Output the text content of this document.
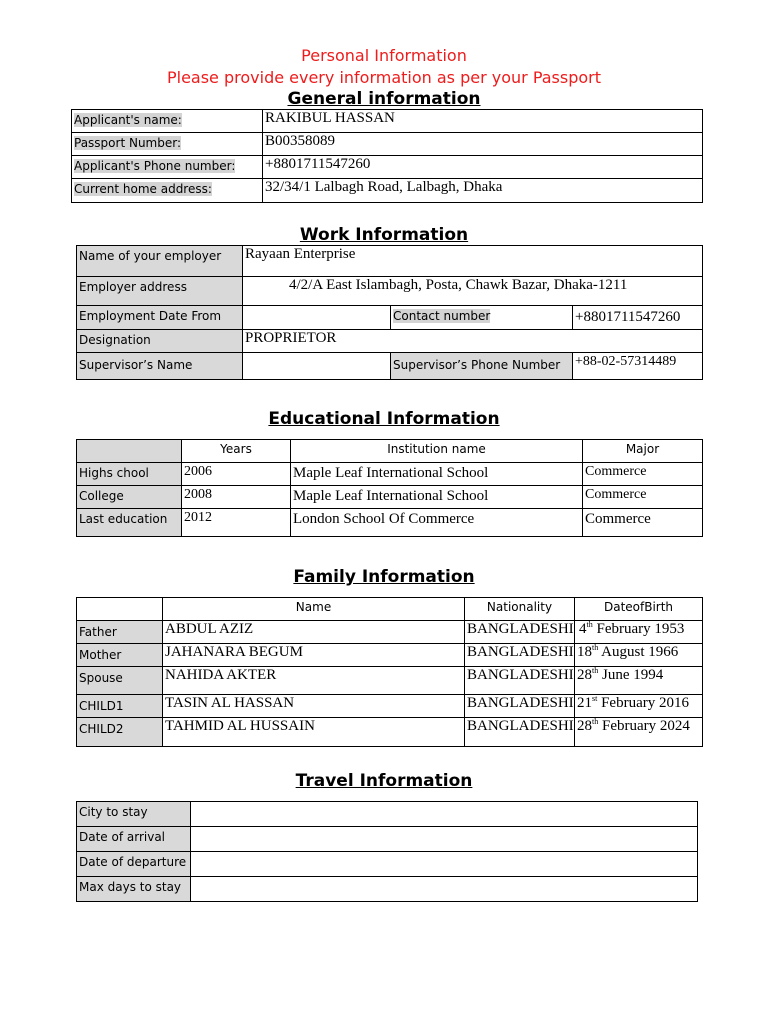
Personal Information
Please provide every information as per your Passport
General information
Applicant's name:	RAKIBUL HASSAN
Passport Number:	B00358089
Applicant's Phone number:	+8801711547260
Current home address:	32/34/1 Lalbagh Road, Lalbagh, Dhaka
Work Information
Name of your employer	Rayaan Enterprise		
Employer address	4/2/A East Islambagh, Posta, Chawk Bazar, Dhaka-1211		
Employment Date From		Contact number	+8801711547260
Designation	PROPRIETOR		
Supervisor’s Name		Supervisor’s Phone Number	+88-02-57314489
Educational Information
	Years	Institution name	Major
Highs chool	2006	Maple Leaf International School	Commerce
College	2008	Maple Leaf International School	Commerce
Last education	2012	London School Of Commerce	Commerce
Family Information
	Name	Nationality	DateofBirth
Father	ABDUL AZIZ	BANGLADESHI	4th February 1953
Mother	JAHANARA BEGUM	BANGLADESHI	18th August 1966
Spouse	NAHIDA AKTER	BANGLADESHI	28th June 1994
CHILD1	TASIN AL HASSAN	BANGLADESHI	21st February 2016
CHILD2	TAHMID AL HUSSAIN	BANGLADESHI	28th February 2024
Travel Information
City to stay	
Date of arrival	
Date of departure	
Max days to stay	
